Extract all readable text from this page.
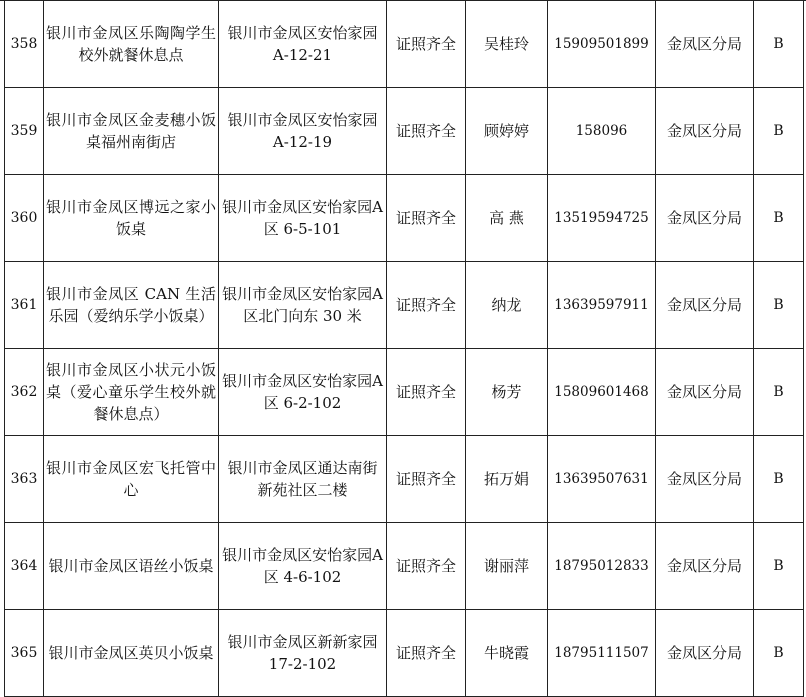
358	银川市金凤区乐陶陶学生校外就餐休息点	银川市金凤区安怡家园A-12-21	证照齐全	吴桂玲	15909501899	金凤区分局	B
359	银川市金凤区金麦穗小饭桌福州南街店	银川市金凤区安怡家园A-12-19	证照齐全	顾婷婷	158096	金凤区分局	B
360	银川市金凤区博远之家小饭桌	银川市金凤区安怡家园A区 6-5-101	证照齐全	高 燕	13519594725	金凤区分局	B
361	银川市金凤区 CAN 生活乐园（爱纳乐学小饭桌）	银川市金凤区安怡家园A区北门向东 30 米	证照齐全	纳龙	13639597911	金凤区分局	B
362	银川市金凤区小状元小饭桌（爱心童乐学生校外就餐休息点）	银川市金凤区安怡家园A区 6-2-102	证照齐全	杨芳	15809601468	金凤区分局	B
363	银川市金凤区宏飞托管中心	银川市金凤区通达南街新苑社区二楼	证照齐全	拓万娟	13639507631	金凤区分局	B
364	银川市金凤区语丝小饭桌	银川市金凤区安怡家园A区 4-6-102	证照齐全	谢丽萍	18795012833	金凤区分局	B
365	银川市金凤区英贝小饭桌	银川市金凤区新新家园17-2-102	证照齐全	牛晓霞	18795111507	金凤区分局	B
